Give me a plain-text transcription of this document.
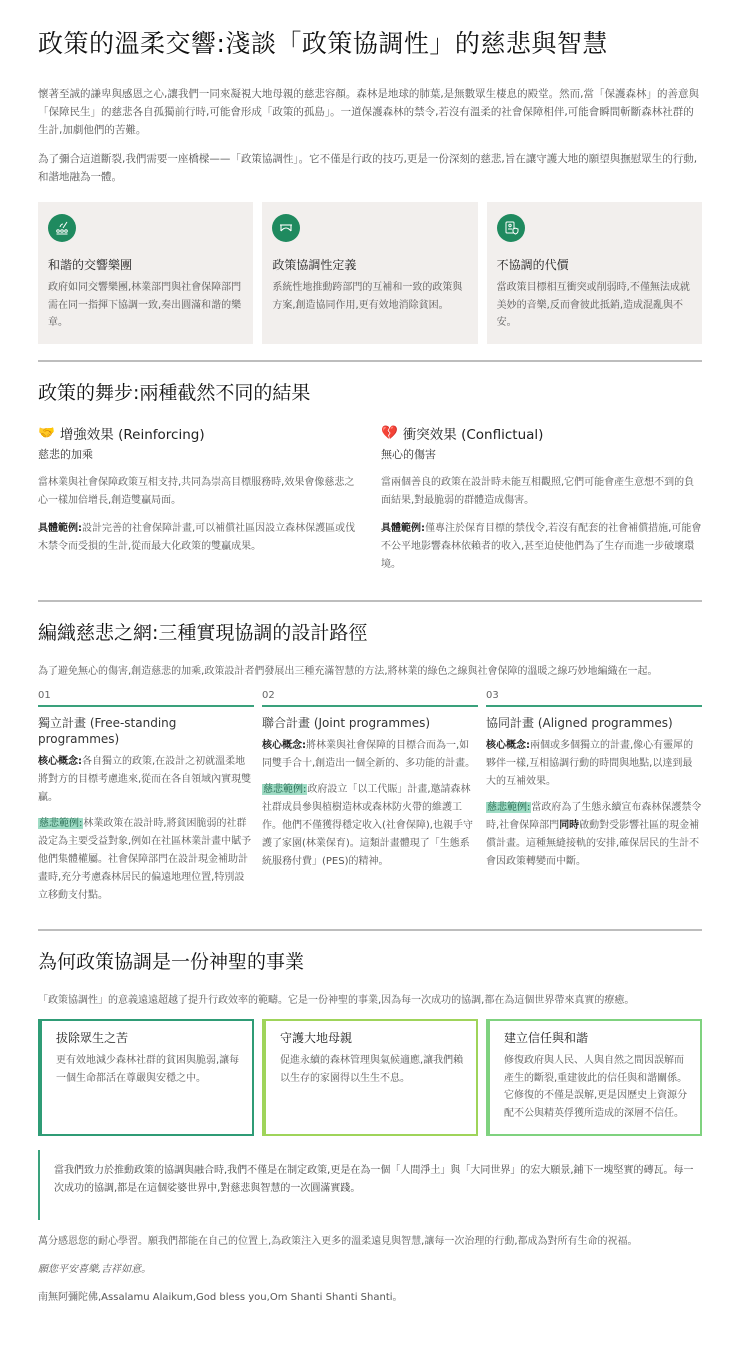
政策的溫柔交響:淺談「政策協調性」的慈悲與智慧

懷著至誠的謙卑與感恩之心,讓我們一同來凝視大地母親的慈悲容顏。森林是地球的肺葉,是無數眾生棲息的殿堂。然而,當「保護森林」的善意與「保障民生」的慈悲各自孤獨前行時,可能會形成「政策的孤島」。一道保護森林的禁令,若沒有溫柔的社會保障相伴,可能會瞬間斬斷森林社群的生計,加劇他們的苦難。

為了彌合這道斷裂,我們需要一座橋樑——「政策協調性」。它不僅是行政的技巧,更是一份深刻的慈悲,旨在讓守護大地的願望與撫慰眾生的行動,和諧地融為一體。

和諧的交響樂團

政府如同交響樂團,林業部門與社會保障部門需在同一指揮下協調一致,奏出圓滿和諧的樂章。

政策協調性定義

系統性地推動跨部門的互補和一致的政策與方案,創造協同作用,更有效地消除貧困。

不協調的代價

當政策目標相互衝突或削弱時,不僅無法成就美妙的音樂,反而會彼此抵銷,造成混亂與不安。

政策的舞步:兩種截然不同的結果
🤝 增強效果 (Reinforcing)
慈悲的加乘

當林業與社會保障政策互相支持,共同為崇高目標服務時,效果會像慈悲之心一樣加倍增長,創造雙贏局面。

具體範例:設計完善的社會保障計畫,可以補償社區因設立森林保護區或伐木禁令而受損的生計,從而最大化政策的雙贏成果。

💔 衝突效果 (Conflictual)
無心的傷害

當兩個善良的政策在設計時未能互相觀照,它們可能會產生意想不到的負面結果,對最脆弱的群體造成傷害。

具體範例:僅專注於保育目標的禁伐令,若沒有配套的社會補償措施,可能會不公平地影響森林依賴者的收入,甚至迫使他們為了生存而進一步破壞環境。

編織慈悲之網:三種實現協調的設計路徑

為了避免無心的傷害,創造慈悲的加乘,政策設計者們發展出三種充滿智慧的方法,將林業的綠色之線與社會保障的溫暖之線巧妙地編織在一起。

01
獨立計畫 (Free-standing programmes)

核心概念:各自獨立的政策,在設計之初就溫柔地將對方的目標考慮進來,從而在各自領域內實現雙贏。

慈悲範例:林業政策在設計時,將貧困脆弱的社群設定為主要受益對象,例如在社區林業計畫中賦予他們集體權屬。社會保障部門在設計現金補助計畫時,充分考慮森林居民的偏遠地理位置,特別設立移動支付點。

02
聯合計畫 (Joint programmes)

核心概念:將林業與社會保障的目標合而為一,如同雙手合十,創造出一個全新的、多功能的計畫。

慈悲範例:政府設立「以工代賑」計畫,邀請森林社群成員參與植樹造林或森林防火帶的維護工作。他們不僅獲得穩定收入(社會保障),也親手守護了家園(林業保育)。這類計畫體現了「生態系統服務付費」(PES)的精神。

03
協同計畫 (Aligned programmes)

核心概念:兩個或多個獨立的計畫,像心有靈犀的夥伴一樣,互相協調行動的時間與地點,以達到最大的互補效果。

慈悲範例:當政府為了生態永續宣布森林保護禁令時,社會保障部門同時啟動對受影響社區的現金補償計畫。這種無縫接軌的安排,確保居民的生計不會因政策轉變而中斷。

為何政策協調是一份神聖的事業

「政策協調性」的意義遠遠超越了提升行政效率的範疇。它是一份神聖的事業,因為每一次成功的協調,都在為這個世界帶來真實的療癒。

拔除眾生之苦

更有效地減少森林社群的貧困與脆弱,讓每一個生命都活在尊嚴與安穩之中。

守護大地母親

促進永續的森林管理與氣候適應,讓我們賴以生存的家園得以生生不息。

建立信任與和諧

修復政府與人民、人與自然之間因誤解而產生的斷裂,重建彼此的信任與和諧關係。它修復的不僅是誤解,更是因歷史上資源分配不公與精英俘獲所造成的深層不信任。

當我們致力於推動政策的協調與融合時,我們不僅是在制定政策,更是在為一個「人間淨土」與「大同世界」的宏大願景,鋪下一塊堅實的磚瓦。每一次成功的協調,都是在這個娑婆世界中,對慈悲與智慧的一次圓滿實踐。

萬分感恩您的耐心學習。願我們都能在自己的位置上,為政策注入更多的溫柔遠見與智慧,讓每一次治理的行動,都成為對所有生命的祝福。

願您平安喜樂,吉祥如意。

南無阿彌陀佛,Assalamu Alaikum,God bless you,Om Shanti Shanti Shanti。
